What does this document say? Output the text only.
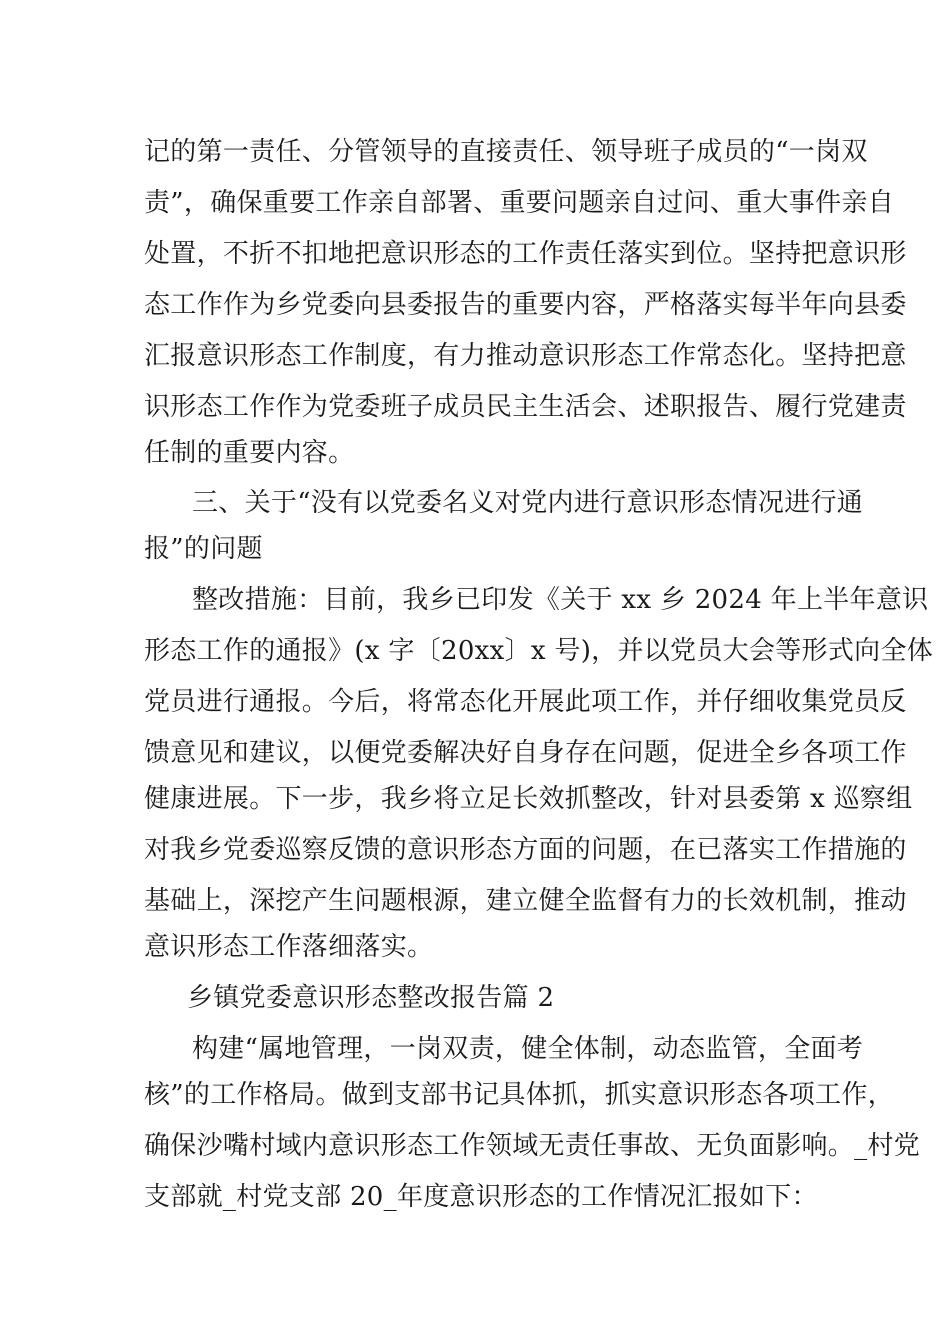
记的第一责任、分管领导的直接责任、领导班子成员的“一岗双
责”，确保重要工作亲自部署、重要问题亲自过问、重大事件亲自
处置，不折不扣地把意识形态的工作责任落实到位。坚持把意识形
态工作作为乡党委向县委报告的重要内容，严格落实每半年向县委
汇报意识形态工作制度，有力推动意识形态工作常态化。坚持把意
识形态工作作为党委班子成员民主生活会、述职报告、履行党建责
任制的重要内容。
三、关于“没有以党委名义对党内进行意识形态情况进行通
报”的问题
整改措施：目前，我乡已印发《关于 xx 乡 2024 年上半年意识
形态工作的通报》(x 字〔20xx〕x 号)，并以党员大会等形式向全体
党员进行通报。今后，将常态化开展此项工作，并仔细收集党员反
馈意见和建议，以便党委解决好自身存在问题，促进全乡各项工作
健康进展。下一步，我乡将立足长效抓整改，针对县委第 x 巡察组
对我乡党委巡察反馈的意识形态方面的问题，在已落实工作措施的
基础上，深挖产生问题根源，建立健全监督有力的长效机制，推动
意识形态工作落细落实。
乡镇党委意识形态整改报告篇 2
构建“属地管理，一岗双责，健全体制，动态监管，全面考
核”的工作格局。做到支部书记具体抓，抓实意识形态各项工作，
确保沙嘴村域内意识形态工作领域无责任事故、无负面影响。_村党
支部就_村党支部 20_年度意识形态的工作情况汇报如下：
